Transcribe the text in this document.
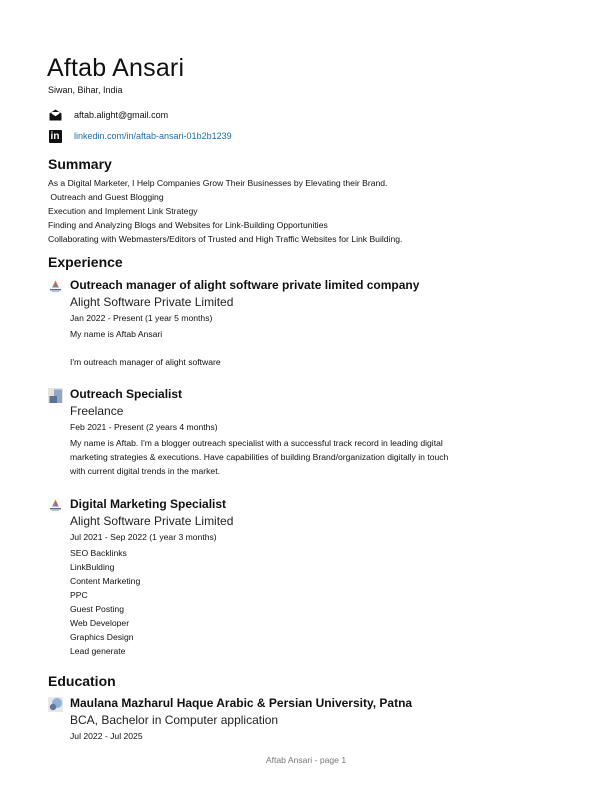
Aftab Ansari
Siwan, Bihar, India
aftab.alight@gmail.com
in linkedin.com/in/aftab-ansari-01b2b1239
Summary
As a Digital Marketer, I Help Companies Grow Their Businesses by Elevating their Brand.
Outreach and Guest Blogging
Execution and Implement Link Strategy
Finding and Analyzing Blogs and Websites for Link-Building Opportunities
Collaborating with Webmasters/Editors of Trusted and High Traffic Websites for Link Building.
Experience
Outreach manager of alight software private limited company
Alight Software Private Limited
Jan 2022 - Present (1 year 5 months)
My name is Aftab Ansari
I'm outreach manager of alight software
Outreach Specialist
Freelance
Feb 2021 - Present (2 years 4 months)
My name is Aftab. I'm a blogger outreach specialist with a successful track record in leading digital
marketing strategies & executions. Have capabilities of building Brand/organization digitally in touch
with current digital trends in the market.
Digital Marketing Specialist
Alight Software Private Limited
Jul 2021 - Sep 2022 (1 year 3 months)
SEO Backlinks
LinkBulding
Content Marketing
PPC
Guest Posting
Web Developer
Graphics Design
Lead generate
Education
Maulana Mazharul Haque Arabic & Persian University, Patna
BCA, Bachelor in Computer application
Jul 2022 - Jul 2025
Aftab Ansari - page 1
